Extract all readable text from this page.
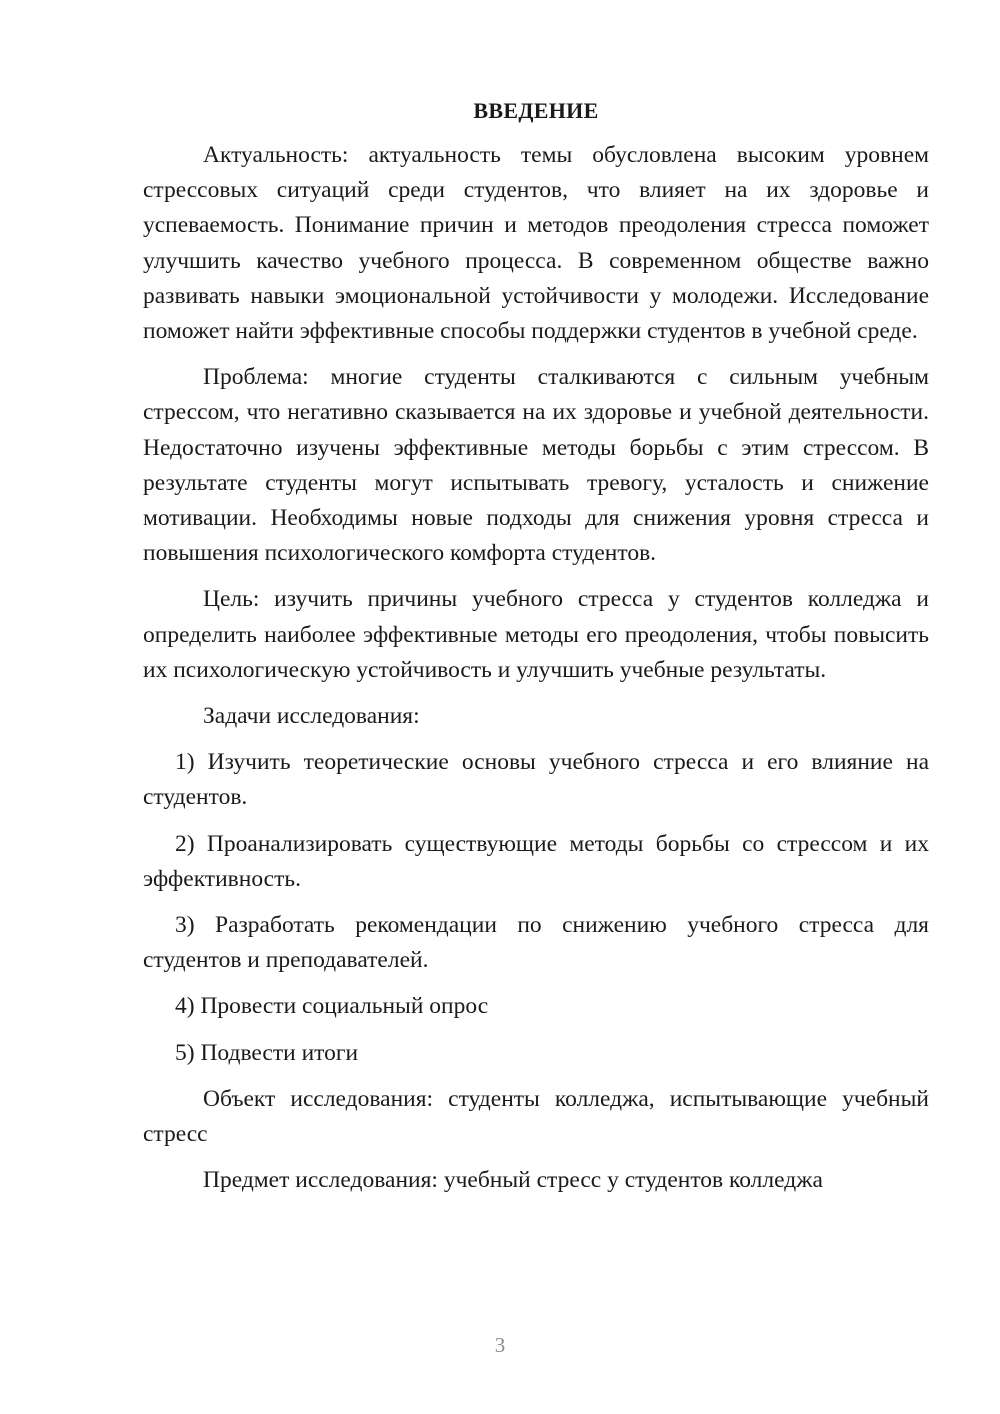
ВВЕДЕНИЕ

Актуальность: актуальность темы обусловлена высоким уровнем стрессовых ситуаций среди студентов, что влияет на их здоровье и успеваемость. Понимание причин и методов преодоления стресса поможет улучшить качество учебного процесса. В современном обществе важно развивать навыки эмоциональной устойчивости у молодежи. Исследование поможет найти эффективные способы поддержки студентов в учебной среде.

Проблема: многие студенты сталкиваются с сильным учебным стрессом, что негативно сказывается на их здоровье и учебной деятельности. Недостаточно изучены эффективные методы борьбы с этим стрессом. В результате студенты могут испытывать тревогу, усталость и снижение мотивации. Необходимы новые подходы для снижения уровня стресса и повышения психологического комфорта студентов.

Цель: изучить причины учебного стресса у студентов колледжа и определить наиболее эффективные методы его преодоления, чтобы повысить их психологическую устойчивость и улучшить учебные результаты.

Задачи исследования:

1) Изучить теоретические основы учебного стресса и его влияние на студентов.

2) Проанализировать существующие методы борьбы со стрессом и их эффективность.

3) Разработать рекомендации по снижению учебного стресса для студентов и преподавателей.

4) Провести социальный опрос

5) Подвести итоги

Объект исследования: студенты колледжа, испытывающие учебный стресс

Предмет исследования: учебный стресс у студентов колледжа

3
